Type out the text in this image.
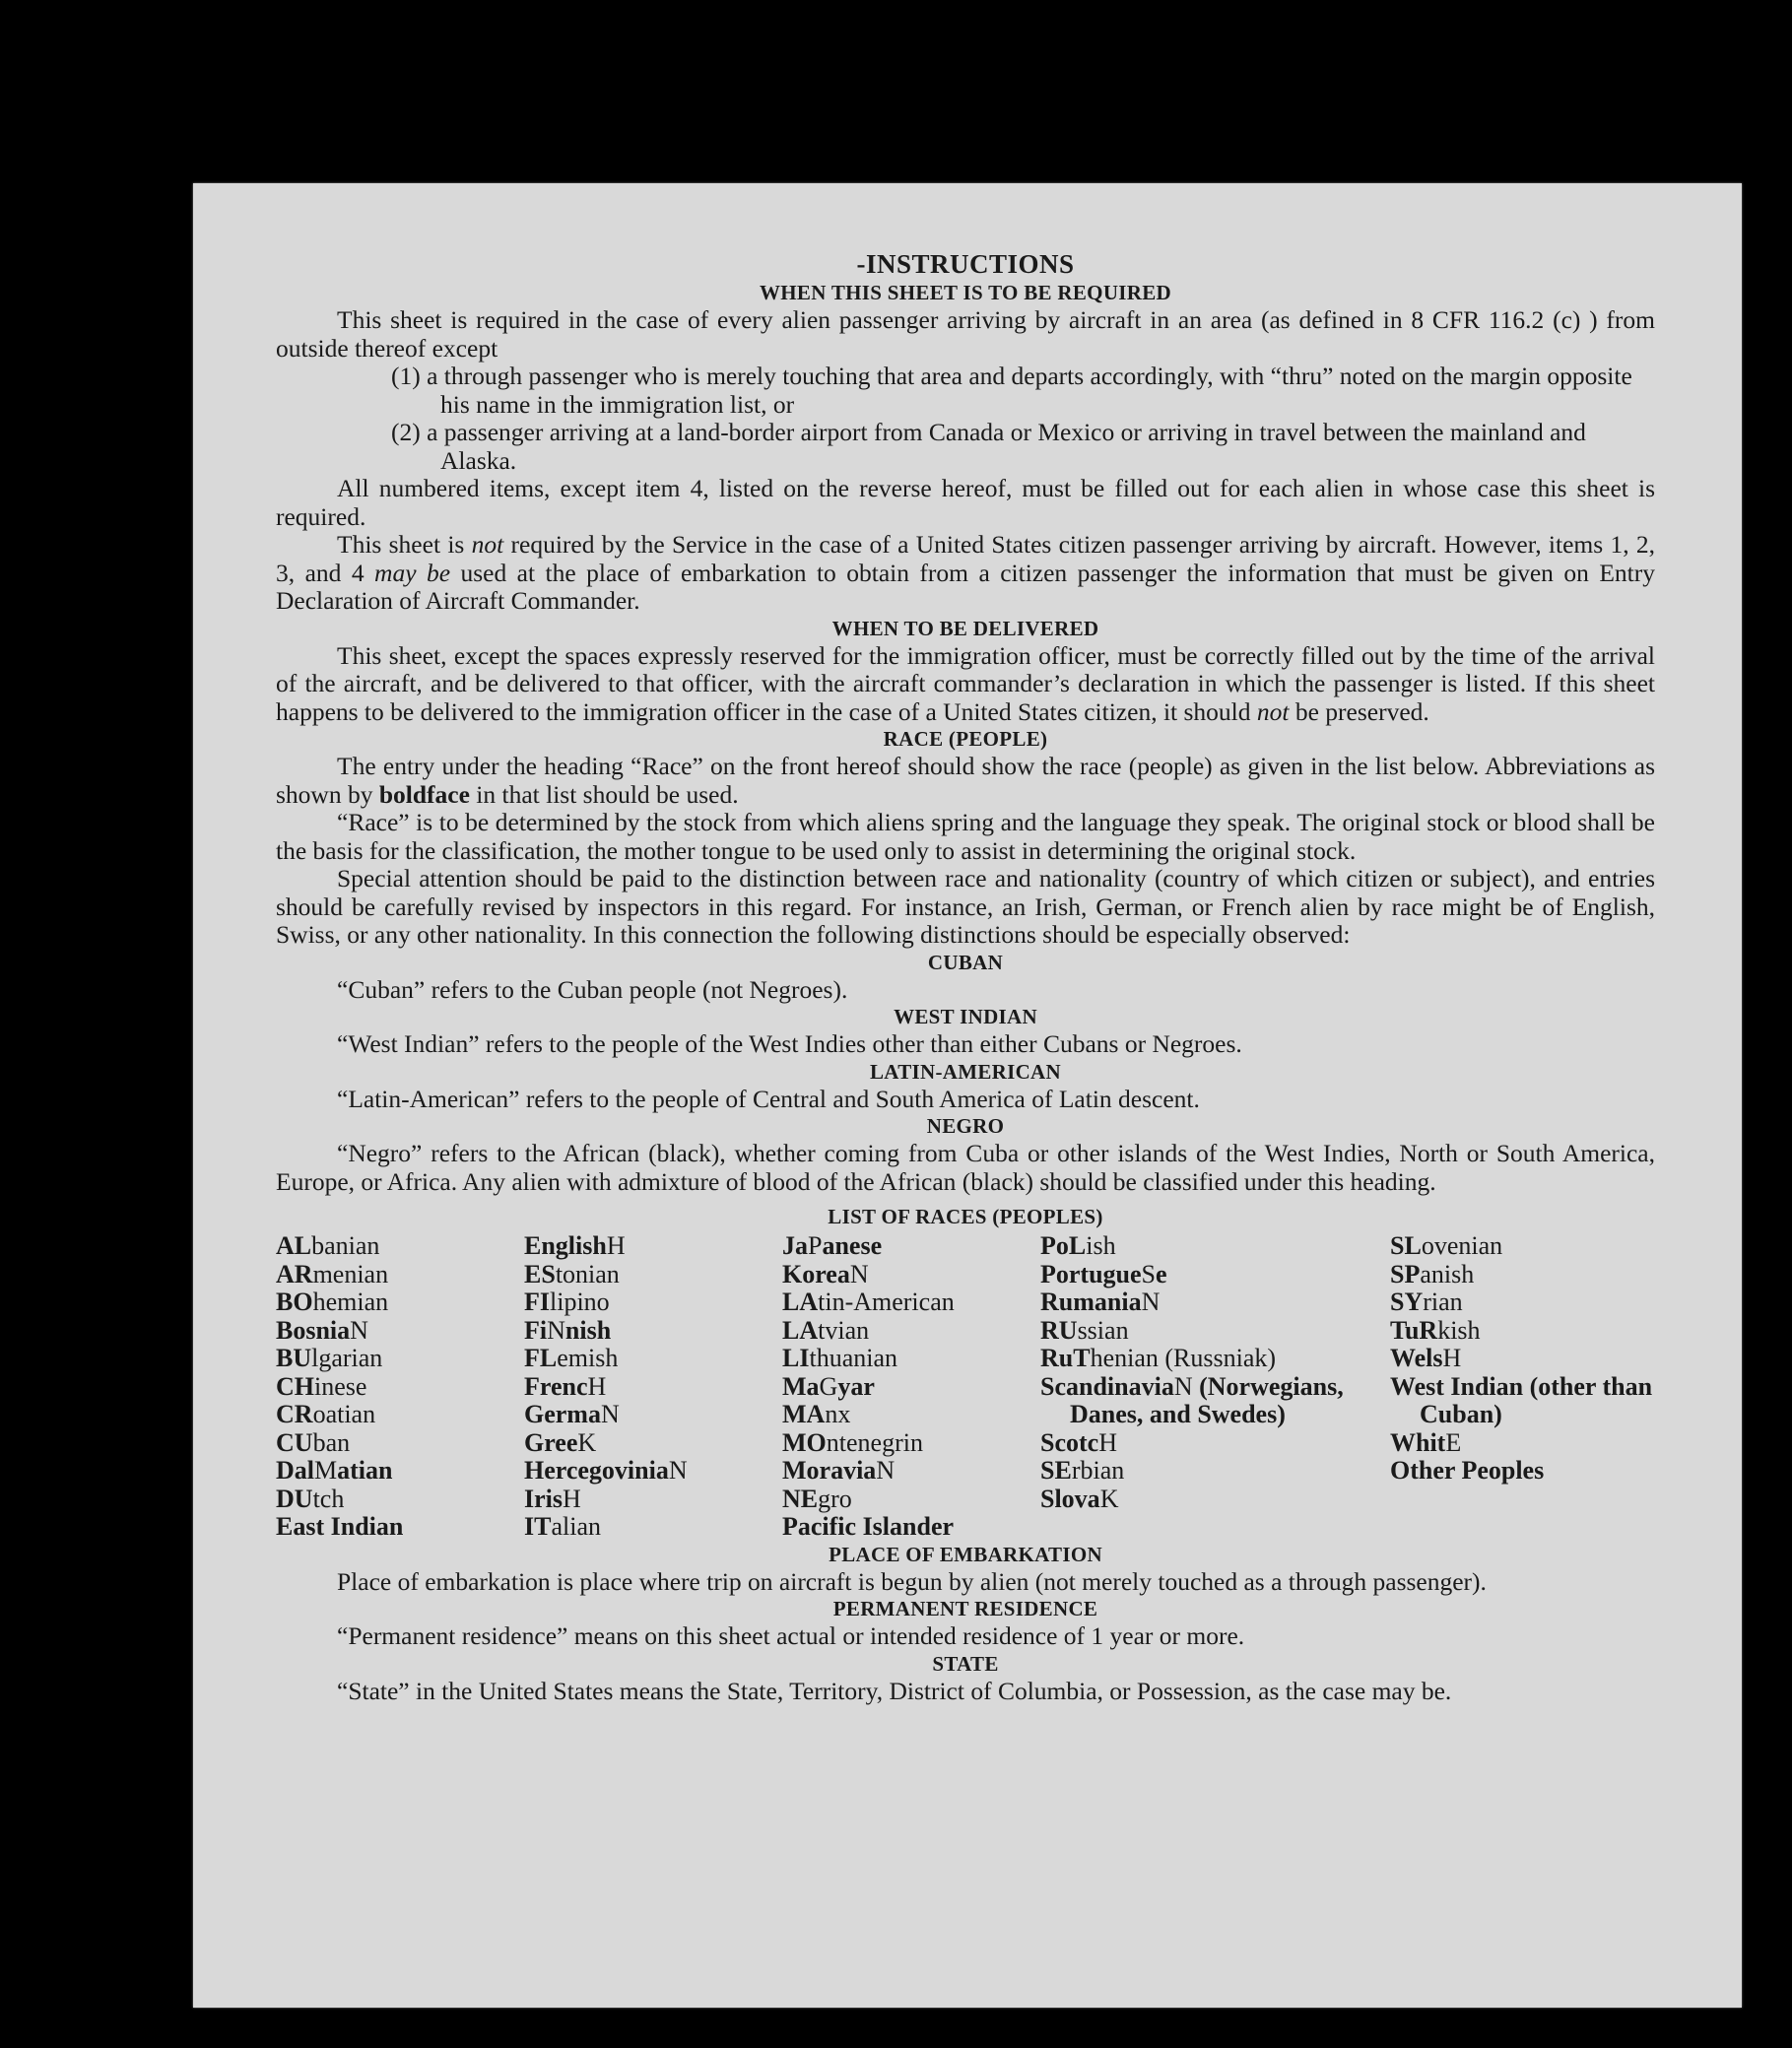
-INSTRUCTIONS
WHEN THIS SHEET IS TO BE REQUIRED

This sheet is required in the case of every alien passenger arriving by aircraft in an area (as defined in 8 CFR 116.2 (c) ) from outside thereof except

(1) a through passenger who is merely touching that area and departs accordingly, with “thru” noted on the margin opposite his name in the immigration list, or

(2) a passenger arriving at a land-border airport from Canada or Mexico or arriving in travel between the mainland and Alaska.

All numbered items, except item 4, listed on the reverse hereof, must be filled out for each alien in whose case this sheet is required.

This sheet is not required by the Service in the case of a United States citizen passenger arriving by aircraft. However, items 1, 2, 3, and 4 may be used at the place of embarkation to obtain from a citizen passenger the information that must be given on Entry Declaration of Aircraft Commander.

WHEN TO BE DELIVERED

This sheet, except the spaces expressly reserved for the immigration officer, must be correctly filled out by the time of the arrival of the aircraft, and be delivered to that officer, with the aircraft commander’s declaration in which the passenger is listed. If this sheet happens to be delivered to the immigration officer in the case of a United States citizen, it should not be preserved.

RACE (PEOPLE)

The entry under the heading “Race” on the front hereof should show the race (people) as given in the list below. Abbreviations as shown by boldface in that list should be used.

“Race” is to be determined by the stock from which aliens spring and the language they speak. The original stock or blood shall be the basis for the classification, the mother tongue to be used only to assist in determining the original stock.

Special attention should be paid to the distinction between race and nationality (country of which citizen or subject), and entries should be carefully revised by inspectors in this regard. For instance, an Irish, German, or French alien by race might be of English, Swiss, or any other nationality. In this connection the following distinctions should be especially observed:

CUBAN

“Cuban” refers to the Cuban people (not Negroes).

WEST INDIAN

“West Indian” refers to the people of the West Indies other than either Cubans or Negroes.

LATIN-AMERICAN

“Latin-American” refers to the people of Central and South America of Latin descent.

NEGRO

“Negro” refers to the African (black), whether coming from Cuba or other islands of the West Indies, North or South America, Europe, or Africa. Any alien with admixture of blood of the African (black) should be classified under this heading.

LIST OF RACES (PEOPLES)
ALbanian
ARmenian
BOhemian
BosniaN
BUlgarian
CHinese
CRoatian
CUban
DalMatian
DUtch
East Indian
EnglishH
EStonian
FIlipino
FiNnish
FLemish
FrencH
GermaN
GreeK
HercegoviniaN
IrisH
ITalian
JaPanese
KoreaN
LAtin-American
LAtvian
LIthuanian
MaGyar
MAnx
MOntenegrin
MoraviaN
NEgro
Pacific Islander
PoLish
PortugueSe
RumaniaN
RUssian
RuThenian (Russniak)
ScandinaviaN (Norwegians, Danes, and Swedes)
ScotcH
SErbian
SlovaK
SLovenian
SPanish
SYrian
TuRkish
WelsH
West Indian (other than Cuban)
WhitE
Other Peoples
PLACE OF EMBARKATION

Place of embarkation is place where trip on aircraft is begun by alien (not merely touched as a through passenger).

PERMANENT RESIDENCE

“Permanent residence” means on this sheet actual or intended residence of 1 year or more.

STATE

“State” in the United States means the State, Territory, District of Columbia, or Possession, as the case may be.
